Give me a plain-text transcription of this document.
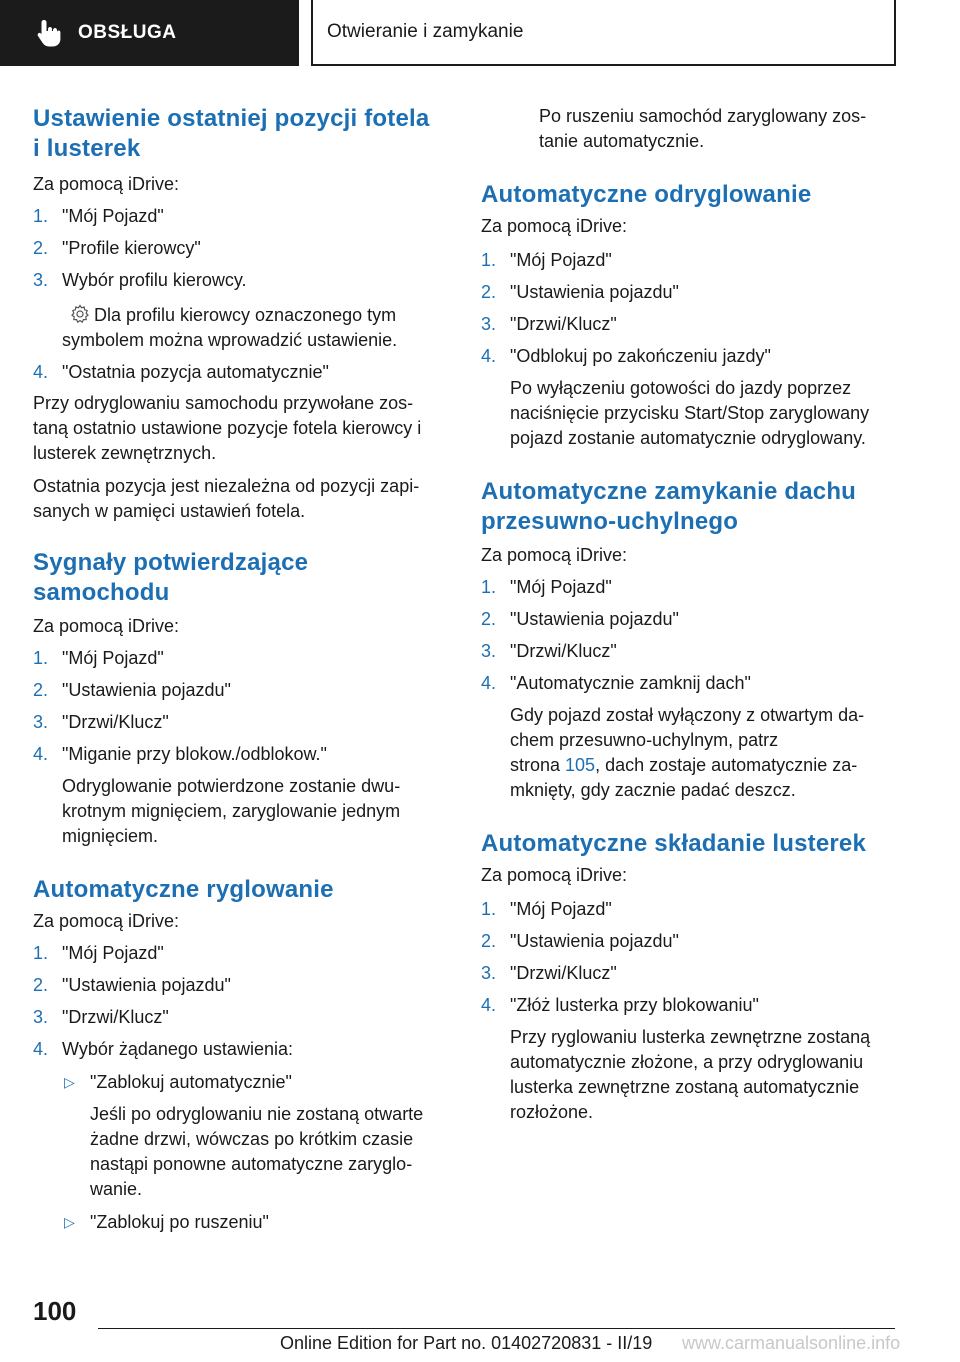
OBSŁUGA	Otwieranie i zamykanie
Ustawienie ostatniej pozycji fotela
i lusterek

Za pomocą iDrive:

1. "Mój Pojazd"
2. "Profile kierowcy"
3. Wybór profilu kierowcy.
Dla profilu kierowcy oznaczonego tym
symbolem można wprowadzić ustawienie.
4. "Ostatnia pozycja automatycznie"

Przy odryglowaniu samochodu przywołane zos‐
taną ostatnio ustawione pozycje fotela kierowcy i
lusterek zewnętrznych.

Ostatnia pozycja jest niezależna od pozycji zapi‐
sanych w pamięci ustawień fotela.

Sygnały potwierdzające
samochodu

Za pomocą iDrive:

1. "Mój Pojazd"
2. "Ustawienia pojazdu"
3. "Drzwi/Klucz"
4. "Miganie przy blokow./odblokow."
Odryglowanie potwierdzone zostanie dwu‐
krotnym mignięciem, zaryglowanie jednym
mignięciem.
Automatyczne ryglowanie

Za pomocą iDrive:

1. "Mój Pojazd"
2. "Ustawienia pojazdu"
3. "Drzwi/Klucz"
4. Wybór żądanego ustawienia:
▷ "Zablokuj automatycznie"
Jeśli po odryglowaniu nie zostaną otwarte
żadne drzwi, wówczas po krótkim czasie
nastąpi ponowne automatyczne zaryglo‐
wanie.
▷ "Zablokuj po ruszeniu"

Po ruszeniu samochód zaryglowany zos‐
tanie automatycznie.

Automatyczne odryglowanie

Za pomocą iDrive:

1. "Mój Pojazd"
2. "Ustawienia pojazdu"
3. "Drzwi/Klucz"
4. "Odblokuj po zakończeniu jazdy"
Po wyłączeniu gotowości do jazdy poprzez
naciśnięcie przycisku Start/Stop zaryglowany
pojazd zostanie automatycznie odryglowany.
Automatyczne zamykanie dachu
przesuwno-uchylnego

Za pomocą iDrive:

1. "Mój Pojazd"
2. "Ustawienia pojazdu"
3. "Drzwi/Klucz"
4. "Automatycznie zamknij dach"
Gdy pojazd został wyłączony z otwartym da‐
chem przesuwno-uchylnym, patrz
strona 105, dach zostaje automatycznie za‐
mknięty, gdy zacznie padać deszcz.
Automatyczne składanie lusterek

Za pomocą iDrive:

1. "Mój Pojazd"
2. "Ustawienia pojazdu"
3. "Drzwi/Klucz"
4. "Złóż lusterka przy blokowaniu"
Przy ryglowaniu lusterka zewnętrzne zostaną
automatycznie złożone, a przy odryglowaniu
lusterka zewnętrzne zostaną automatycznie
rozłożone.
100
Online Edition for Part no. 01402720831 - II/19 www.carmanualsonline.info
